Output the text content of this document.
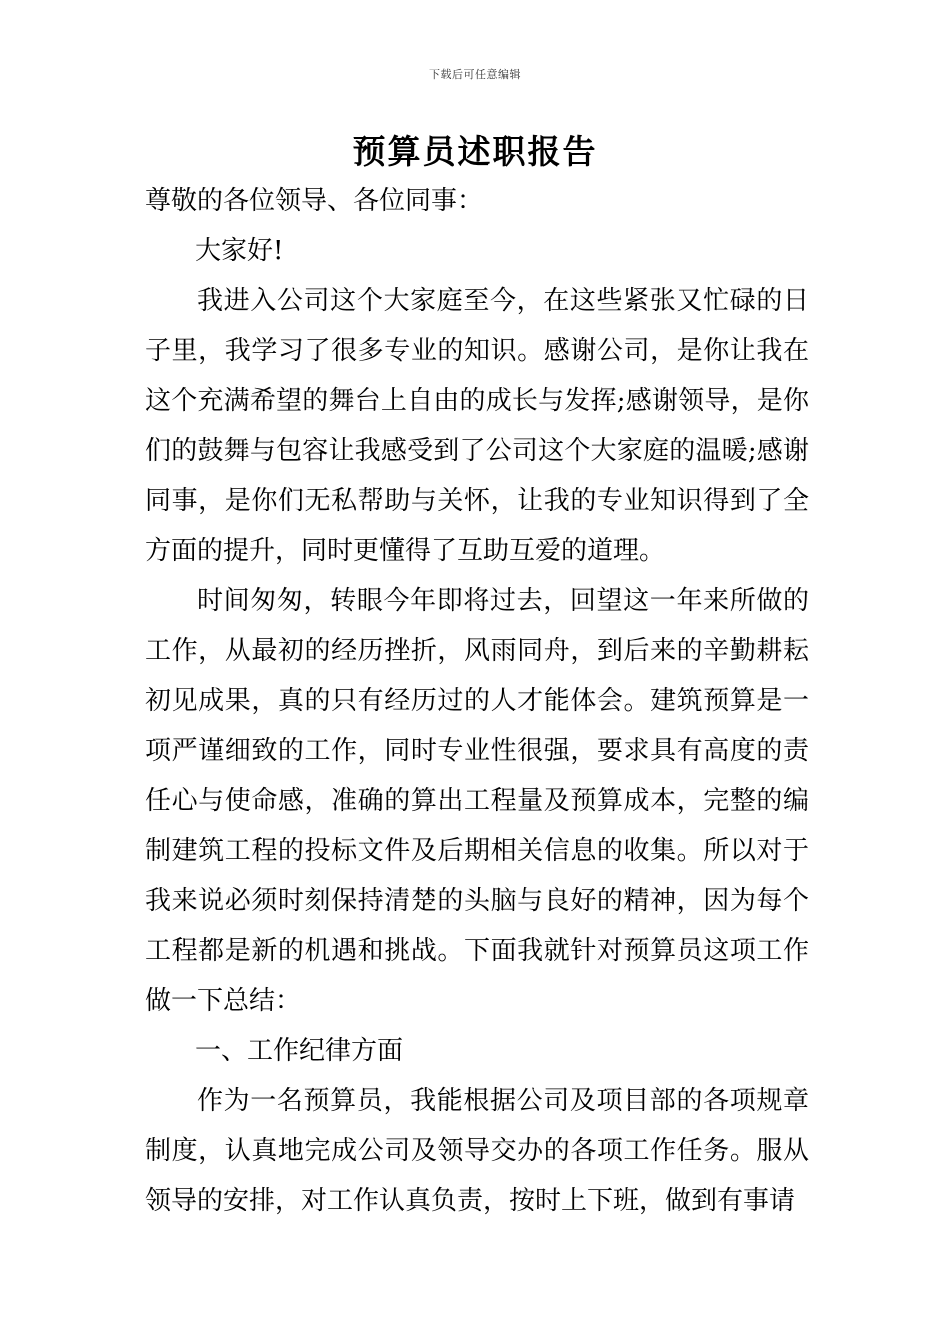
下载后可任意编辑
预算员述职报告

尊敬的各位领导、各位同事：

大家好!

我进入公司这个大家庭至今，在这些紧张又忙碌的日子里，我学习了很多专业的知识。感谢公司，是你让我在这个充满希望的舞台上自由的成长与发挥;感谢领导，是你们的鼓舞与包容让我感受到了公司这个大家庭的温暖;感谢同事，是你们无私帮助与关怀，让我的专业知识得到了全方面的提升，同时更懂得了互助互爱的道理。

时间匆匆，转眼今年即将过去，回望这一年来所做的工作，从最初的经历挫折，风雨同舟，到后来的辛勤耕耘初见成果，真的只有经历过的人才能体会。建筑预算是一项严谨细致的工作，同时专业性很强，要求具有高度的责任心与使命感，准确的算出工程量及预算成本，完整的编制建筑工程的投标文件及后期相关信息的收集。所以对于我来说必须时刻保持清楚的头脑与良好的精神，因为每个工程都是新的机遇和挑战。下面我就针对预算员这项工作做一下总结：

一、工作纪律方面

作为一名预算员，我能根据公司及项目部的各项规章制度，认真地完成公司及领导交办的各项工作任务。服从领导的安排，对工作认真负责，按时上下班，做到有事请
